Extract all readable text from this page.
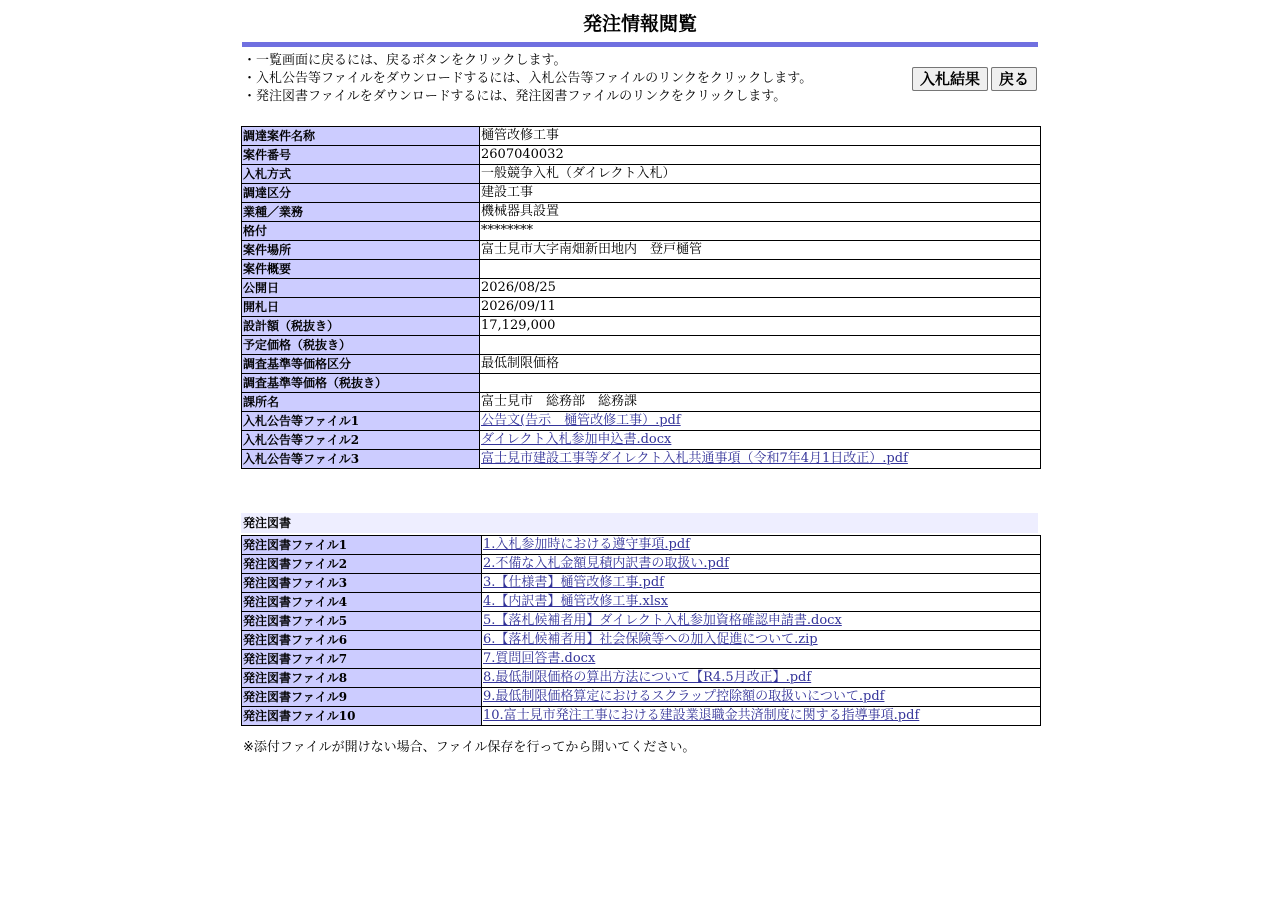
発注情報閲覧
・一覧画面に戻るには、戻るボタンをクリックします。
・入札公告等ファイルをダウンロードするには、入札公告等ファイルのリンクをクリックします。
・発注図書ファイルをダウンロードするには、発注図書ファイルのリンクをクリックします。
入札結果	戻る
調達案件名称	樋管改修工事
案件番号	2607040032
入札方式	一般競争入札（ダイレクト入札）
調達区分	建設工事
業種／業務	機械器具設置
格付	********
案件場所	富士見市大字南畑新田地内　登戸樋管
案件概要	
公開日	2026/08/25
開札日	2026/09/11
設計額（税抜き）	17,129,000
予定価格（税抜き）	
調査基準等価格区分	最低制限価格
調査基準等価格（税抜き）	
課所名	富士見市　総務部　総務課
入札公告等ファイル1	公告文(告示　樋管改修工事）.pdf
入札公告等ファイル2	ダイレクト入札参加申込書.docx
入札公告等ファイル3	富士見市建設工事等ダイレクト入札共通事項（令和7年4月1日改正）.pdf
発注図書
発注図書ファイル1	1.入札参加時における遵守事項.pdf
発注図書ファイル2	2.不備な入札金額見積内訳書の取扱い.pdf
発注図書ファイル3	3.【仕様書】樋管改修工事.pdf
発注図書ファイル4	4.【内訳書】樋管改修工事.xlsx
発注図書ファイル5	5.【落札候補者用】ダイレクト入札参加資格確認申請書.docx
発注図書ファイル6	6.【落札候補者用】社会保険等への加入促進について.zip
発注図書ファイル7	7.質問回答書.docx
発注図書ファイル8	8.最低制限価格の算出方法について【R4.5月改正】.pdf
発注図書ファイル9	9.最低制限価格算定におけるスクラップ控除額の取扱いについて.pdf
発注図書ファイル10	10.富士見市発注工事における建設業退職金共済制度に関する指導事項.pdf
※添付ファイルが開けない場合、ファイル保存を行ってから開いてください。
